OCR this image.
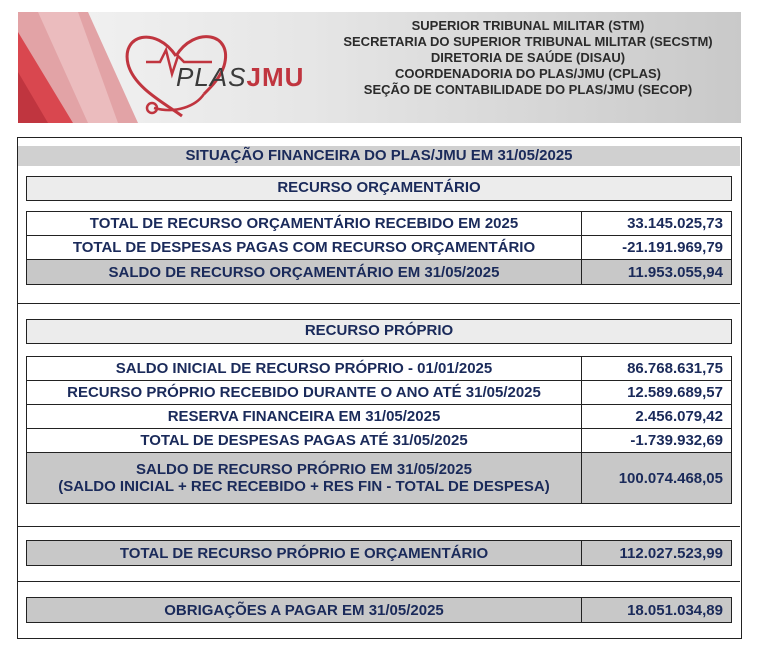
PLASJMU
SUPERIOR TRIBUNAL MILITAR (STM)
SECRETARIA DO SUPERIOR TRIBUNAL MILITAR (SECSTM)
DIRETORIA DE SAÚDE (DISAU)
COORDENADORIA DO PLAS/JMU (CPLAS)
SEÇÃO DE CONTABILIDADE DO PLAS/JMU (SECOP)
SITUAÇÃO FINANCEIRA DO PLAS/JMU EM 31/05/2025
RECURSO ORÇAMENTÁRIO
TOTAL DE RECURSO ORÇAMENTÁRIO RECEBIDO EM 2025	33.145.025,73
TOTAL DE DESPESAS PAGAS COM RECURSO ORÇAMENTÁRIO	-21.191.969,79
SALDO DE RECURSO ORÇAMENTÁRIO EM 31/05/2025	11.953.055,94
RECURSO PRÓPRIO
SALDO INICIAL DE RECURSO PRÓPRIO - 01/01/2025	86.768.631,75
RECURSO PRÓPRIO RECEBIDO DURANTE O ANO ATÉ 31/05/2025	12.589.689,57
RESERVA FINANCEIRA EM 31/05/2025	2.456.079,42
TOTAL DE DESPESAS PAGAS ATÉ 31/05/2025	-1.739.932,69
SALDO DE RECURSO PRÓPRIO EM 31/05/2025
(SALDO INICIAL + REC RECEBIDO + RES FIN - TOTAL DE DESPESA)	100.074.468,05
TOTAL DE RECURSO PRÓPRIO E ORÇAMENTÁRIO	112.027.523,99
OBRIGAÇÕES A PAGAR EM 31/05/2025	18.051.034,89
